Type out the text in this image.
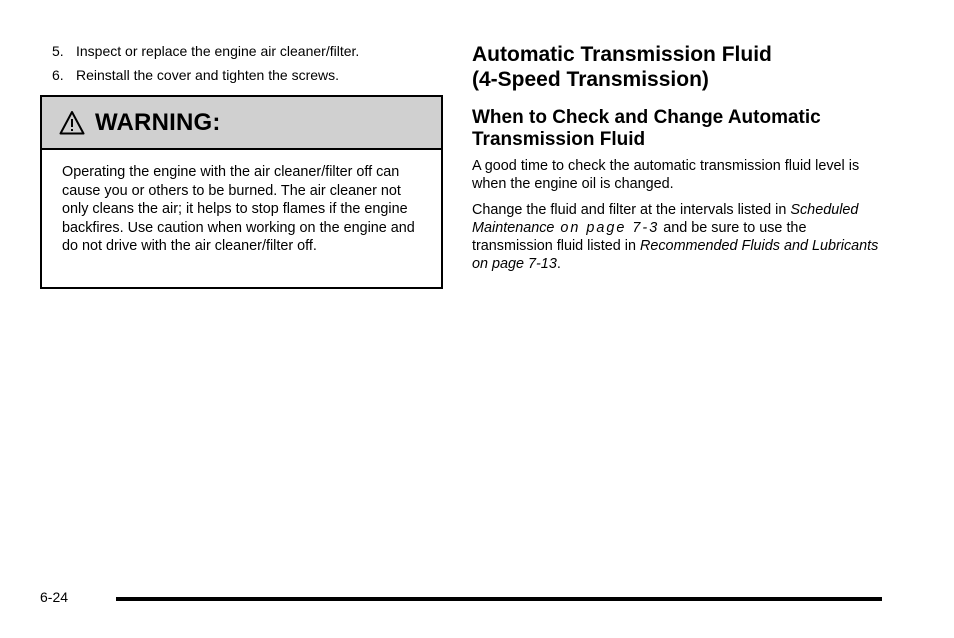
5. Inspect or replace the engine air cleaner/filter.
6. Reinstall the cover and tighten the screws.
WARNING:
Operating the engine with the air cleaner/filter off can cause you or others to be burned. The air cleaner not only cleans the air; it helps to stop flames if the engine backfires. Use caution when working on the engine and do not drive with the air cleaner/filter off.
Automatic Transmission Fluid
(4-Speed Transmission)
When to Check and Change Automatic
Transmission Fluid

A good time to check the automatic transmission fluid level is when the engine oil is changed.

Change the fluid and filter at the intervals listed in Scheduled Maintenance on page 7-3 and be sure to use the transmission fluid listed in Recommended Fluids and Lubricants on page 7-13.

6-24
